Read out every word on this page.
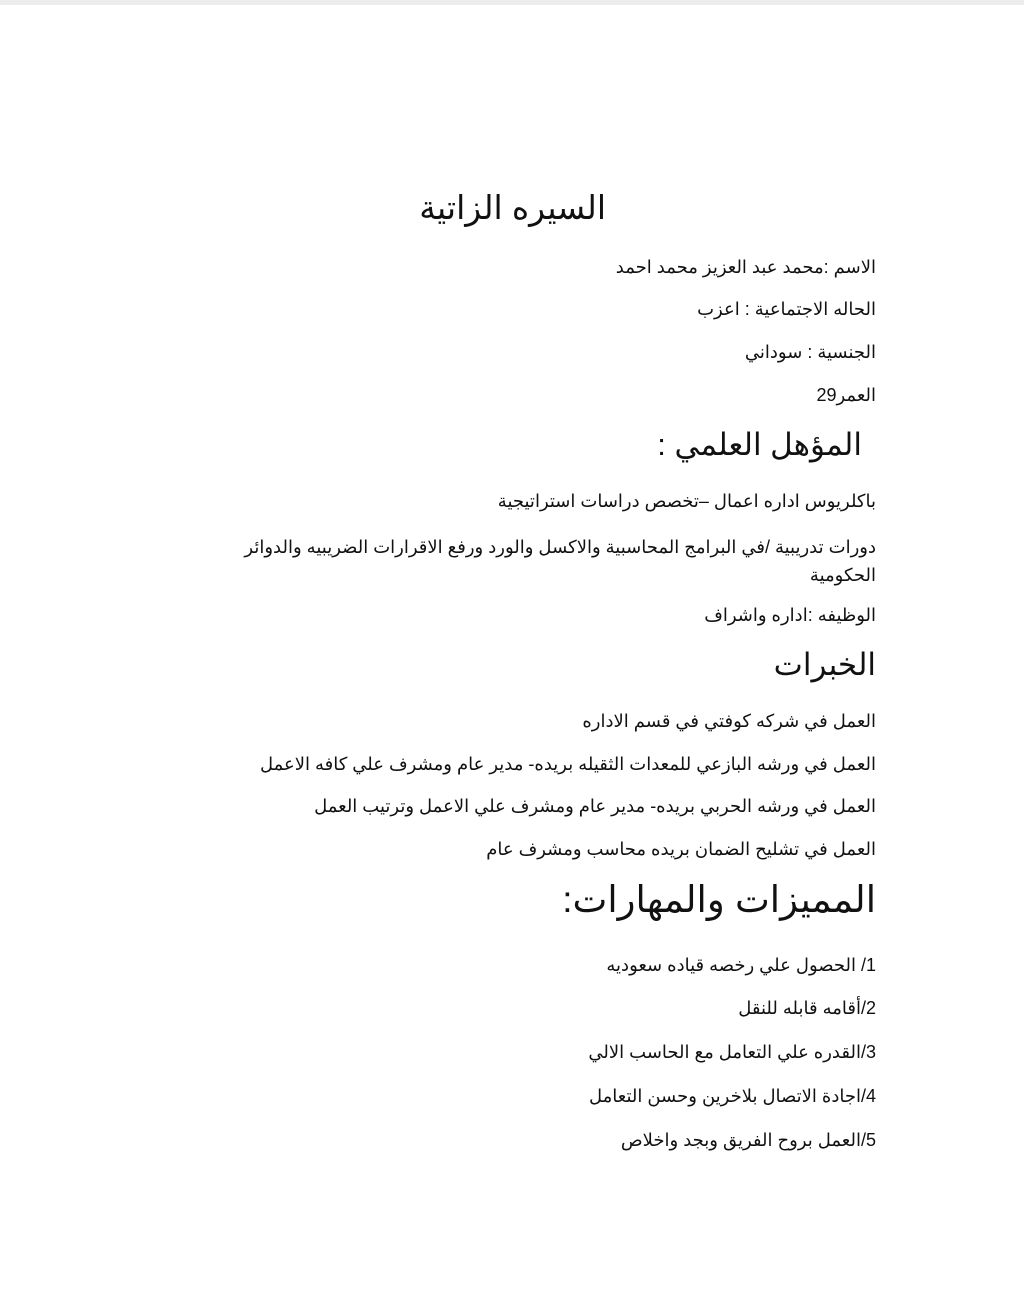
السيره الزاتية
الاسم :محمد عبد العزيز محمد احمد
الحاله الاجتماعية : اعزب
الجنسية : سوداني
العمر29
المؤهل العلمي :
باكلريوس اداره اعمال –تخصص دراسات استراتيجية
دورات تدريبية /في البرامج المحاسبية والاكسل والورد ورفع الاقرارات الضريبيه والدوائر الحكومية
الوظيفه :اداره واشراف
الخبرات
العمل في شركه كوفتي في قسم الاداره
العمل في ورشه البازعي للمعدات الثقيله بريده- مدير عام ومشرف علي كافه الاعمل
العمل في ورشه الحربي بريده- مدير عام ومشرف علي الاعمل وترتيب العمل
العمل في تشليح الضمان بريده محاسب ومشرف عام
المميزات والمهارات:
1/ الحصول علي رخصه قياده سعوديه
2/أقامه قابله للنقل
3/القدره علي التعامل مع الحاسب الالي
4/اجادة الاتصال بلاخرين وحسن التعامل
5/العمل بروح الفريق وبجد واخلاص
